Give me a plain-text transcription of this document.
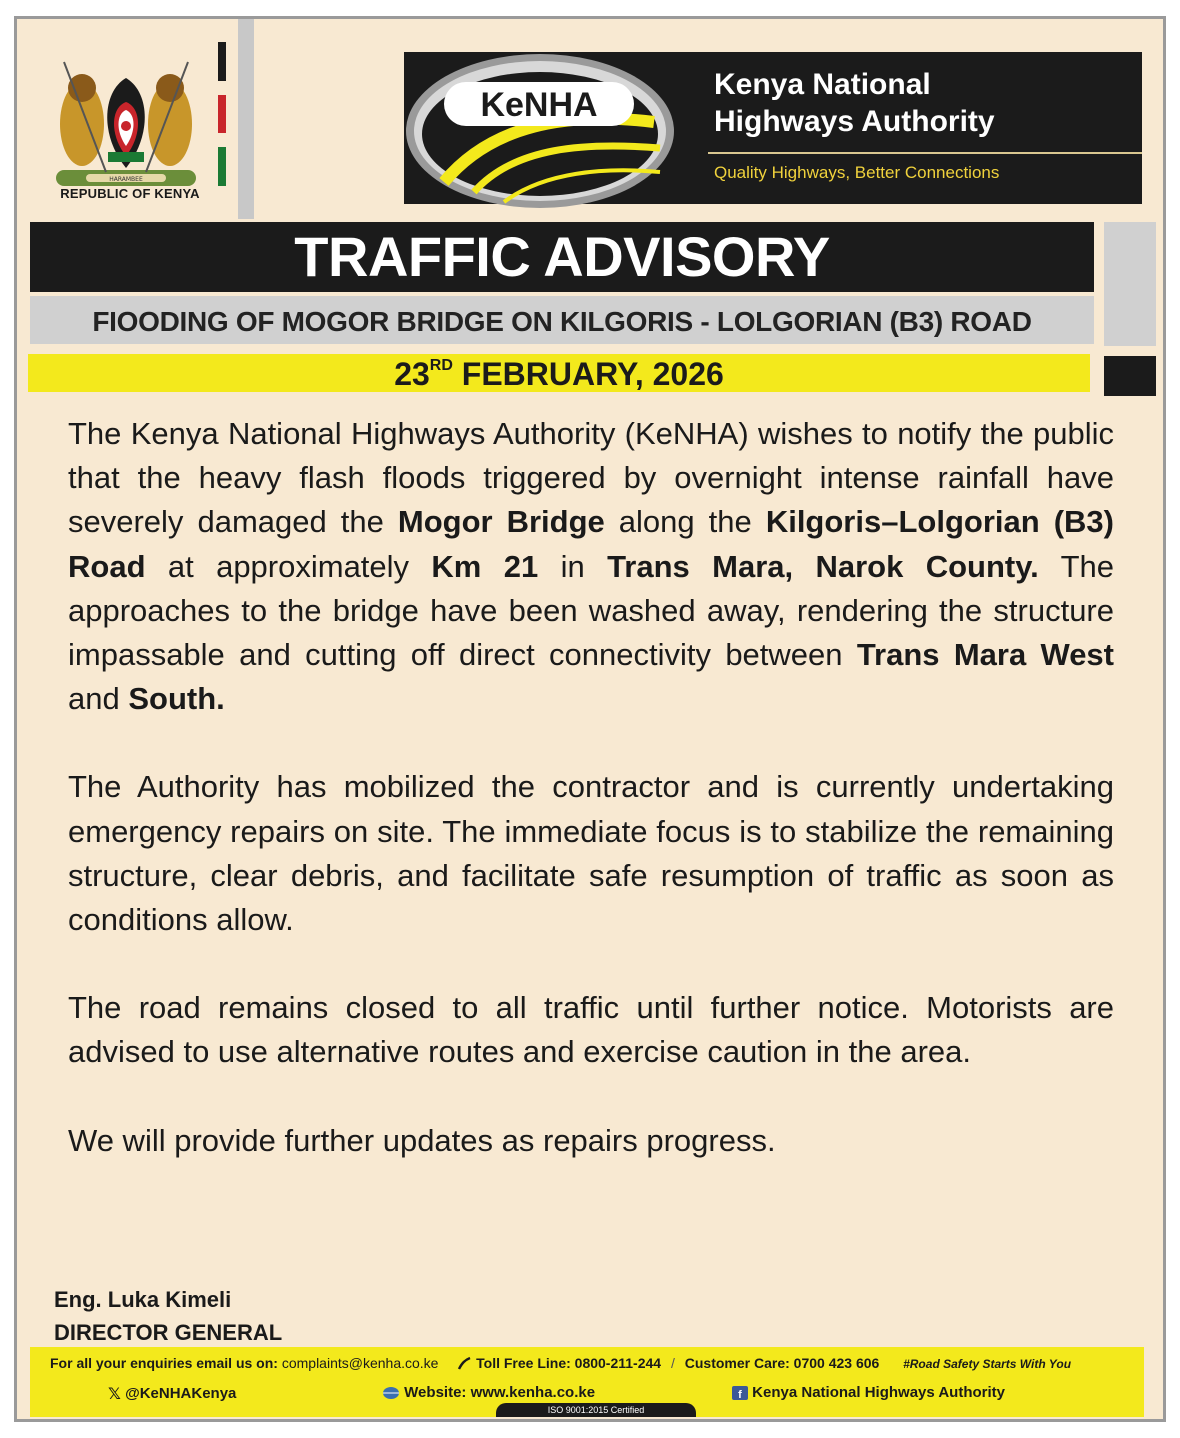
HARAMBEE
REPUBLIC OF KENYA
KeNHA
Kenya National
Highways Authority
Quality Highways, Better Connections
TRAFFIC ADVISORY
FIOODING OF MOGOR BRIDGE ON KILGORIS - LOLGORIAN (B3) ROAD
23RD FEBRUARY, 2026

The Kenya National Highways Authority (KeNHA) wishes to notify the public that the heavy flash floods triggered by overnight intense rainfall have severely damaged the Mogor Bridge along the Kilgoris–Lolgorian (B3) Road at approximately Km 21 in Trans Mara, Narok County. The approaches to the bridge have been washed away, rendering the structure impassable and cutting off direct connectivity between Trans Mara West and South.

The Authority has mobilized the contractor and is currently undertaking emergency repairs on site. The immediate focus is to stabilize the remaining structure, clear debris, and facilitate safe resumption of traffic as soon as conditions allow.

The road remains closed to all traffic until further notice. Motorists are advised to use alternative routes and exercise caution in the area.

We will provide further updates as repairs progress.

Eng. Luka Kimeli
DIRECTOR GENERAL
For all your enquiries email us on: complaints@kenha.co.ke	Toll Free Line: 0800-211-244 / Customer Care: 0700 423 606 #Road Safety Starts With You
𝕏 @KeNHAKenya	Website: www.kenha.co.ke	f Kenya National Highways Authority
ISO 9001:2015 Certified
